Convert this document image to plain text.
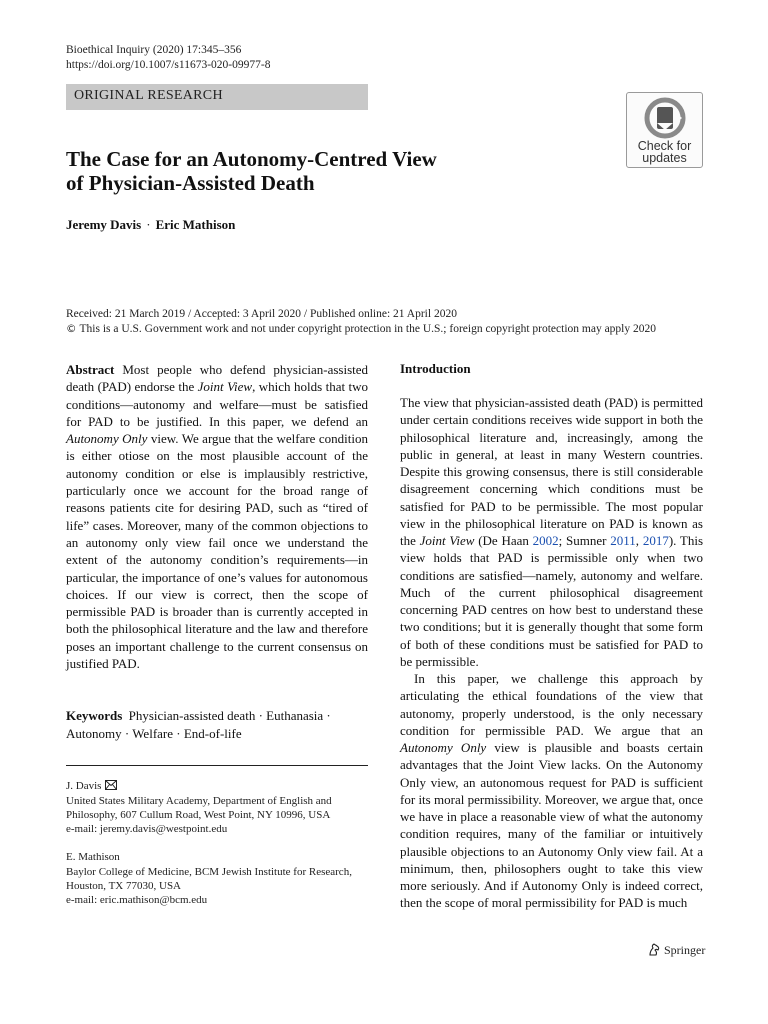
Bioethical Inquiry (2020) 17:345–356
https://doi.org/10.1007/s11673-020-09977-8
ORIGINAL RESEARCH
Check for
updates
The Case for an Autonomy-Centred View
of Physician-Assisted Death
Jeremy Davis · Eric Mathison
Received: 21 March 2019 / Accepted: 3 April 2020 / Published online: 21 April 2020
© This is a U.S. Government work and not under copyright protection in the U.S.; foreign copyright protection may apply 2020
Abstract Most people who defend physician-assisted death (PAD) endorse the Joint View, which holds that two conditions—autonomy and welfare—must be satisfied for PAD to be justified. In this paper, we defend an Autonomy Only view. We argue that the welfare condition is either otiose on the most plausible account of the autonomy condition or else is implausibly restrictive, particularly once we account for the broad range of reasons patients cite for desiring PAD, such as “tired of life” cases. Moreover, many of the common objections to an autonomy only view fail once we understand the extent of the autonomy condition’s requirements—in particular, the importance of one’s values for autonomous choices. If our view is correct, then the scope of permissible PAD is broader than is currently accepted in both the philosophical literature and the law and therefore poses an important challenge to the current consensus on justified PAD.
Keywords Physician-assisted death · Euthanasia · Autonomy · Welfare · End-of-life
J. Davis
United States Military Academy, Department of English and
Philosophy, 607 Cullum Road, West Point, NY 10996, USA
e-mail: jeremy.davis@westpoint.edu
E. Mathison
Baylor College of Medicine, BCM Jewish Institute for Research,
Houston, TX 77030, USA
e-mail: eric.mathison@bcm.edu
Introduction

The view that physician-assisted death (PAD) is permitted under certain conditions receives wide support in both the philosophical literature and, increasingly, among the public in general, at least in many Western countries. Despite this growing consensus, there is still considerable disagreement concerning which conditions must be satisfied for PAD to be permissible. The most popular view in the philosophical literature on PAD is known as the Joint View (De Haan 2002; Sumner 2011, 2017). This view holds that PAD is permissible only when two conditions are satisfied—namely, autonomy and welfare. Much of the current philosophical disagreement concerning PAD centres on how best to understand these two conditions; but it is generally thought that some form of both of these conditions must be satisfied for PAD to be permissible.

In this paper, we challenge this approach by articulating the ethical foundations of the view that autonomy, properly understood, is the only necessary condition for permissible PAD. We argue that an Autonomy Only view is plausible and boasts certain advantages that the Joint View lacks. On the Autonomy Only view, an autonomous request for PAD is sufficient for its moral permissibility. Moreover, we argue that, once we have in place a reasonable view of what the autonomy condition requires, many of the familiar or intuitively plausible objections to an Autonomy Only view fail. At a minimum, then, philosophers ought to take this view more seriously. And if Autonomy Only is indeed correct, then the scope of moral permissibility for PAD is much

Springer
